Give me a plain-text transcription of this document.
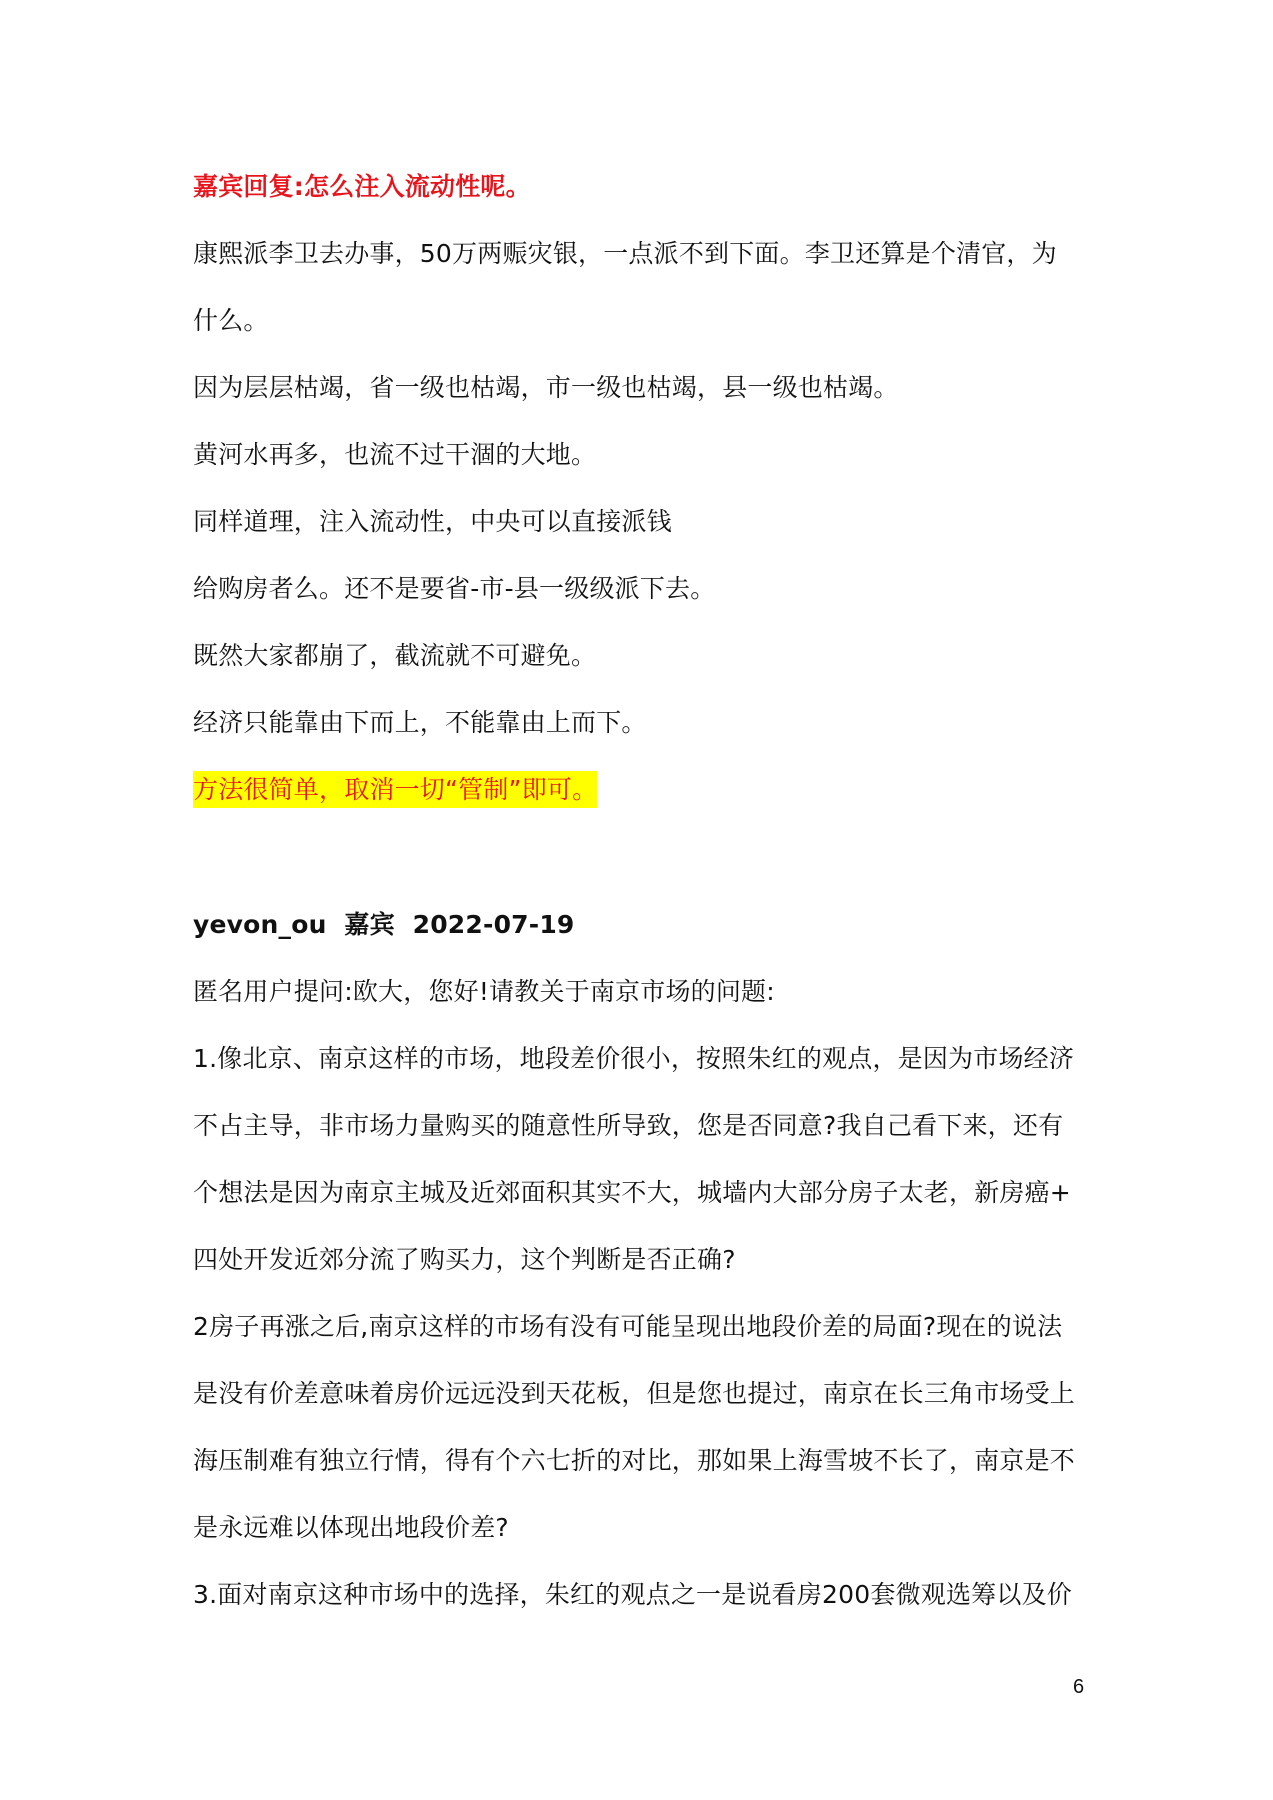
嘉宾回复:怎么注入流动性呢。
康熙派李卫去办事，50万两赈灾银，一点派不到下面。李卫还算是个清官，为
什么。
因为层层枯竭，省一级也枯竭，市一级也枯竭，县一级也枯竭。
黄河水再多，也流不过干涸的大地。
同样道理，注入流动性，中央可以直接派钱
给购房者么。还不是要省-市-县一级级派下去。
既然大家都崩了，截流就不可避免。
经济只能靠由下而上，不能靠由上而下。
方法很简单，取消一切“管制”即可。
yevon_ou  嘉宾  2022-07-19
匿名用户提问:欧大，您好!请教关于南京市场的问题:
1.像北京、南京这样的市场，地段差价很小，按照朱红的观点，是因为市场经济
不占主导，非市场力量购买的随意性所导致，您是否同意?我自己看下来，还有
个想法是因为南京主城及近郊面积其实不大，城墙内大部分房子太老，新房癌+
四处开发近郊分流了购买力，这个判断是否正确?
2房子再涨之后,南京这样的市场有没有可能呈现出地段价差的局面?现在的说法
是没有价差意味着房价远远没到天花板，但是您也提过，南京在长三角市场受上
海压制难有独立行情，得有个六七折的对比，那如果上海雪坡不长了，南京是不
是永远难以体现出地段价差?
3.面对南京这种市场中的选择，朱红的观点之一是说看房200套微观选筹以及价
6
